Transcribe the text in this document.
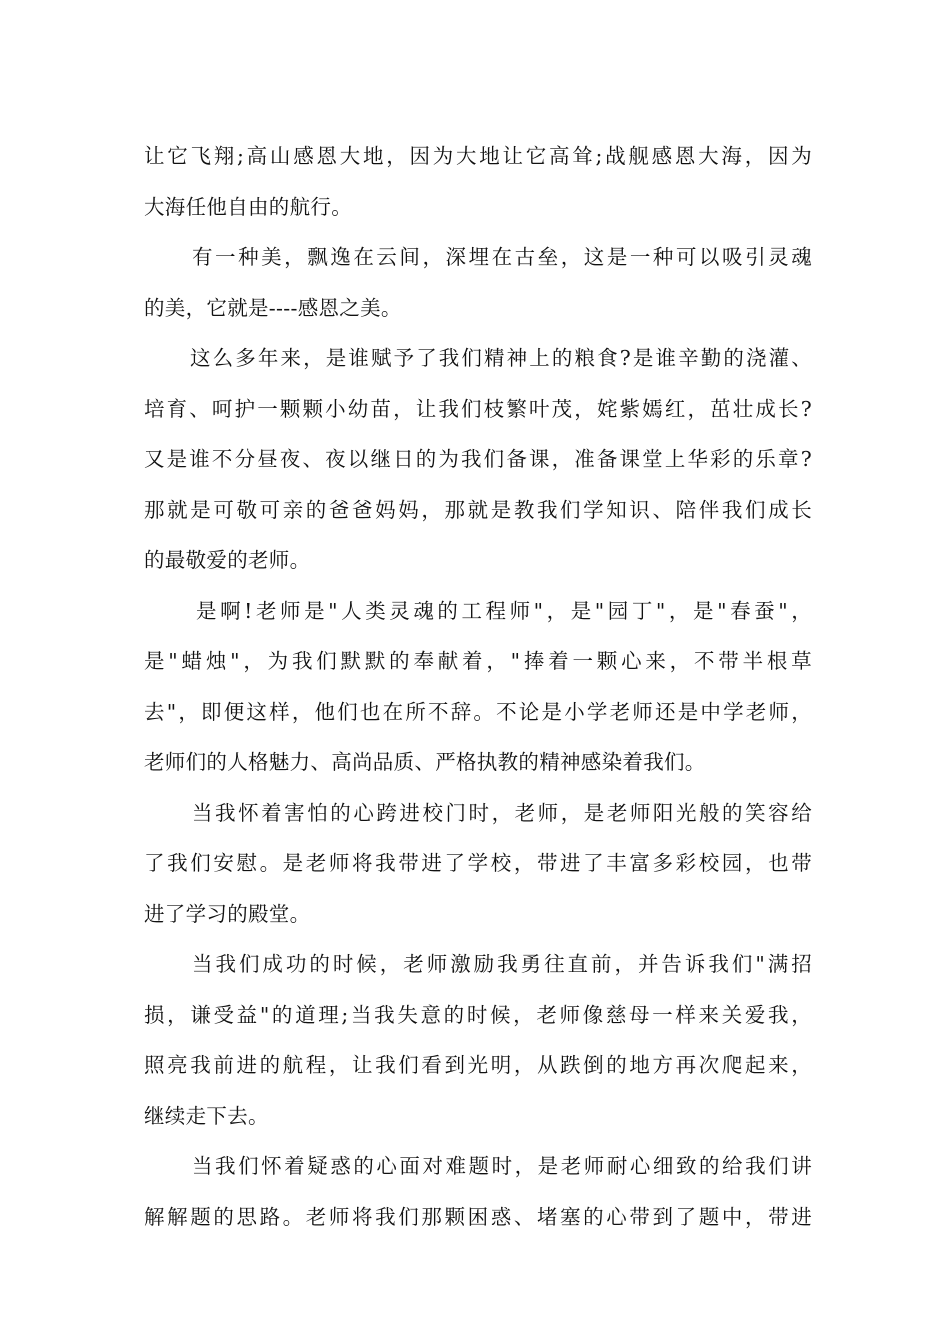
让它飞翔;高山感恩大地，因为大地让它高耸;战舰感恩大海，因为
大海任他自由的航行。
有一种美，飘逸在云间，深埋在古垒，这是一种可以吸引灵魂
的美，它就是----感恩之美。
这么多年来，是谁赋予了我们精神上的粮食?是谁辛勤的浇灌、
培育、呵护一颗颗小幼苗，让我们枝繁叶茂，姹紫嫣红，茁壮成长?
又是谁不分昼夜、夜以继日的为我们备课，准备课堂上华彩的乐章?
那就是可敬可亲的爸爸妈妈，那就是教我们学知识、陪伴我们成长
的最敬爱的老师。
是啊!老师是"人类灵魂的工程师"，是"园丁"，是"春蚕"，
是"蜡烛"，为我们默默的奉献着，"捧着一颗心来，不带半根草
去"，即便这样，他们也在所不辞。不论是小学老师还是中学老师，
老师们的人格魅力、高尚品质、严格执教的精神感染着我们。
当我怀着害怕的心跨进校门时，老师，是老师阳光般的笑容给
了我们安慰。是老师将我带进了学校，带进了丰富多彩校园，也带
进了学习的殿堂。
当我们成功的时候，老师激励我勇往直前，并告诉我们"满招
损，谦受益"的道理;当我失意的时候，老师像慈母一样来关爱我，
照亮我前进的航程，让我们看到光明，从跌倒的地方再次爬起来，
继续走下去。
当我们怀着疑惑的心面对难题时，是老师耐心细致的给我们讲
解解题的思路。老师将我们那颗困惑、堵塞的心带到了题中，带进
